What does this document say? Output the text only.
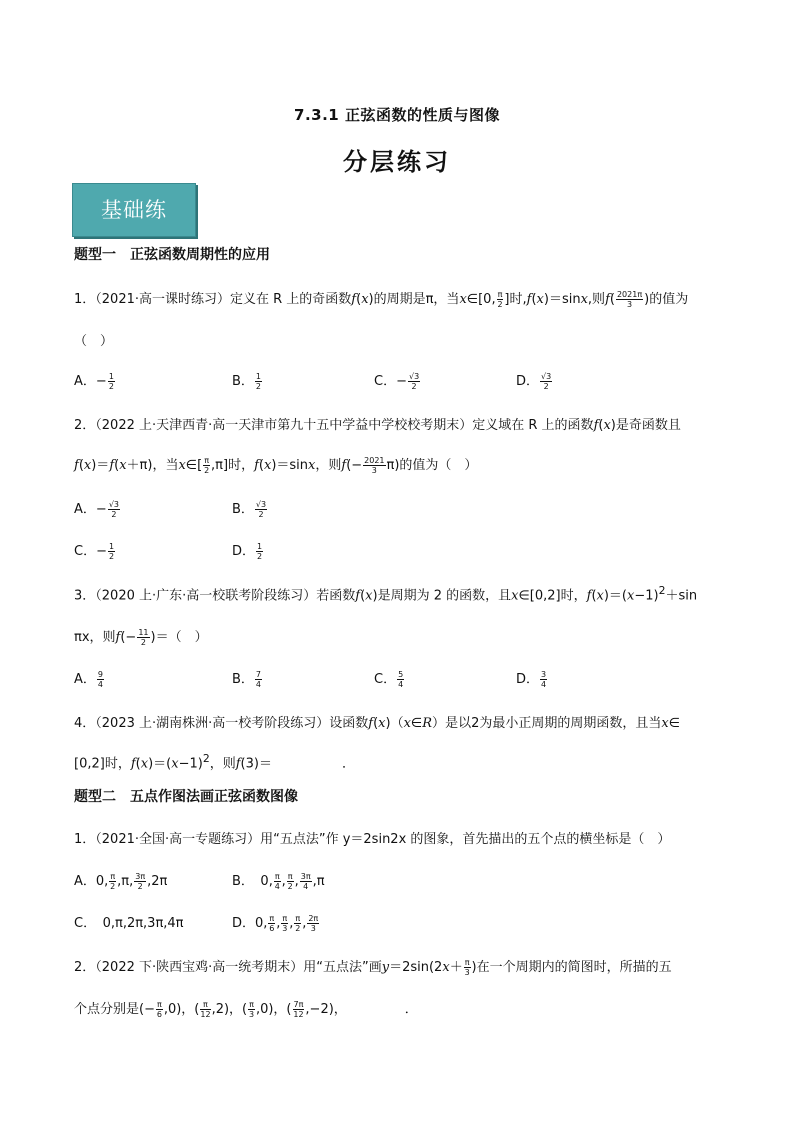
7.3.1 正弦函数的性质与图像
分层练习
基础练
题型一　正弦函数周期性的应用
1．（2021·高一课时练习）定义在 R 上的奇函数f(x)的周期是π，当x∈[0, $\frac{\pi}{2}$ ]时,f(x)＝sinx,则$f( \frac{2021\pi}{3}$ )的值为
（　）
A．− $\frac{1}{2}$	B． $\frac{1}{2}$	C．− $\frac{√3}{2}$	D． $\frac{√3}{2}$
2．（2022 上·天津西青·高一天津市第九十五中学益中学校校考期末）定义域在 R 上的函数f(x)是奇函数且
f(x)＝f(x＋π)，当x∈[ $\frac{\pi}{2} ,\pi$]时，f(x)＝sinx，则$f(- \frac{2021}{3} \pi)$的值为（　）
A．− $\frac{√3}{2}$	B． $\frac{√3}{2}$
C．− $\frac{1}{2}$	D． $\frac{1}{2}$
3．（2020 上·广东·高一校联考阶段练习）若函数f(x)是周期为 2 的函数，且x∈[0,2]时，$f(x)=(x-1)^2+\sin$
πx，则$f(- \frac{11}{2}$ )＝（　）
A． $\frac{9}{4}$	B． $\frac{7}{4}$	C． $\frac{5}{4}$	D． $\frac{3}{4}$
4．（2023 上·湖南株洲·高一校考阶段练习）设函数f(x)（x∈R）是以2为最小正周期的周期函数，且当x∈
[0,2]时，$f(x)=(x-1)^2$，则f(3)＝	．
题型二　五点作图法画正弦函数图像
1．（2021·全国·高一专题练习）用“五点法”作 y＝2sin2x 的图象，首先描出的五个点的横坐标是（　）
A．0, $\frac{\pi}{2} ,\pi$, $\frac{3\pi}{2} ,2\pi$	B．　0, $\frac{\pi}{4}$ , $\frac{\pi}{2}$ , $\frac{3\pi}{4} ,\pi$
C．　 0,π,2π,3π,4π	D．0, $\frac{\pi}{6}$ , $\frac{\pi}{3}$ , $\frac{\pi}{2}$ , $\frac{2\pi}{3}$
2．（2022 下·陕西宝鸡·高一统考期末）用“五点法”画$y=2\sin(2x+ \frac{\pi}{3}$ )在一个周期内的简图时，所描的五
个点分别是(− $\frac{\pi}{6} ,0$)，( $\frac{\pi}{12} ,2$)，( $\frac{\pi}{3} ,0$)，( $\frac{7\pi}{12} ,-2$)，	．
